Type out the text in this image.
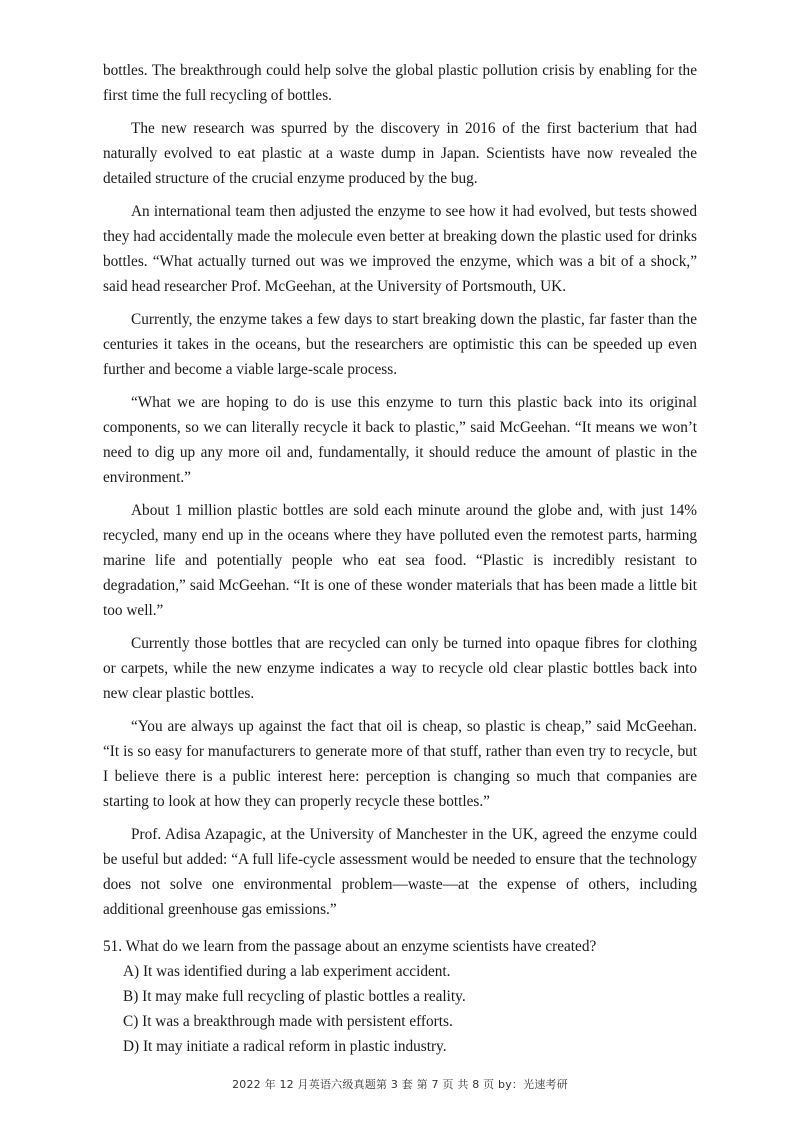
bottles. The breakthrough could help solve the global plastic pollution crisis by enabling for the first time the full recycling of bottles.

The new research was spurred by the discovery in 2016 of the first bacterium that had naturally evolved to eat plastic at a waste dump in Japan. Scientists have now revealed the detailed structure of the crucial enzyme produced by the bug.

An international team then adjusted the enzyme to see how it had evolved, but tests showed they had accidentally made the molecule even better at breaking down the plastic used for drinks bottles. “What actually turned out was we improved the enzyme, which was a bit of a shock,” said head researcher Prof. McGeehan, at the University of Portsmouth, UK.

Currently, the enzyme takes a few days to start breaking down the plastic, far faster than the centuries it takes in the oceans, but the researchers are optimistic this can be speeded up even further and become a viable large-scale process.

“What we are hoping to do is use this enzyme to turn this plastic back into its original components, so we can literally recycle it back to plastic,” said McGeehan. “It means we won’t need to dig up any more oil and, fundamentally, it should reduce the amount of plastic in the environment.”

About 1 million plastic bottles are sold each minute around the globe and, with just 14% recycled, many end up in the oceans where they have polluted even the remotest parts, harming marine life and potentially people who eat sea food. “Plastic is incredibly resistant to degradation,” said McGeehan. “It is one of these wonder materials that has been made a little bit too well.”

Currently those bottles that are recycled can only be turned into opaque fibres for clothing or carpets, while the new enzyme indicates a way to recycle old clear plastic bottles back into new clear plastic bottles.

“You are always up against the fact that oil is cheap, so plastic is cheap,” said McGeehan. “It is so easy for manufacturers to generate more of that stuff, rather than even try to recycle, but I believe there is a public interest here: perception is changing so much that companies are starting to look at how they can properly recycle these bottles.”

Prof. Adisa Azapagic, at the University of Manchester in the UK, agreed the enzyme could be useful but added: “A full life-cycle assessment would be needed to ensure that the technology does not solve one environmental problem—waste—at the expense of others, including additional greenhouse gas emissions.”

51. What do we learn from the passage about an enzyme scientists have created?

A) It was identified during a lab experiment accident.
B) It may make full recycling of plastic bottles a reality.
C) It was a breakthrough made with persistent efforts.
D) It may initiate a radical reform in plastic industry.
2022 年 12 月英语六级真题第 3 套 第 7 页 共 8 页 by：光速考研
